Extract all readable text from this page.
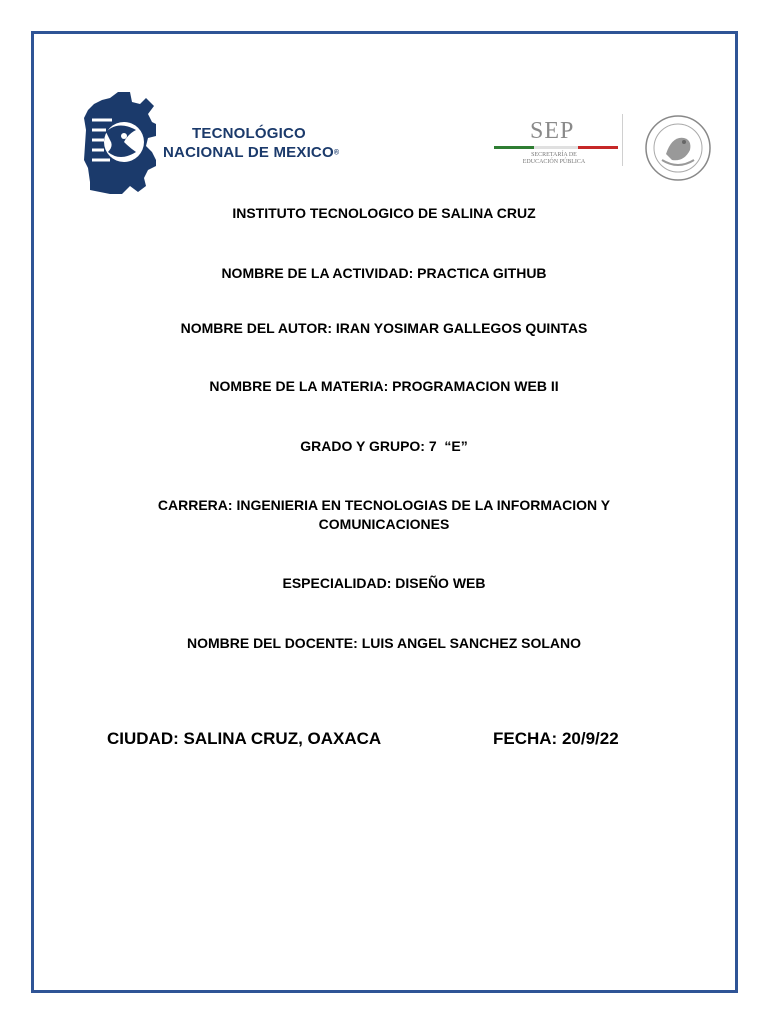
TECNOLÓGICO
NACIONAL DE MEXICO®
SEP
SECRETARÍA DE
EDUCACIÓN PÚBLICA
INSTITUTO TECNOLOGICO DE SALINA CRUZ
NOMBRE DE LA ACTIVIDAD: PRACTICA GITHUB
NOMBRE DEL AUTOR: IRAN YOSIMAR GALLEGOS QUINTAS
NOMBRE DE LA MATERIA: PROGRAMACION WEB II
GRADO Y GRUPO: 7  “E”
CARRERA: INGENIERIA EN TECNOLOGIAS DE LA INFORMACION Y
COMUNICACIONES
ESPECIALIDAD: DISEÑO WEB
NOMBRE DEL DOCENTE: LUIS ANGEL SANCHEZ SOLANO
CIUDAD: SALINA CRUZ, OAXACA	FECHA: 20/9/22
